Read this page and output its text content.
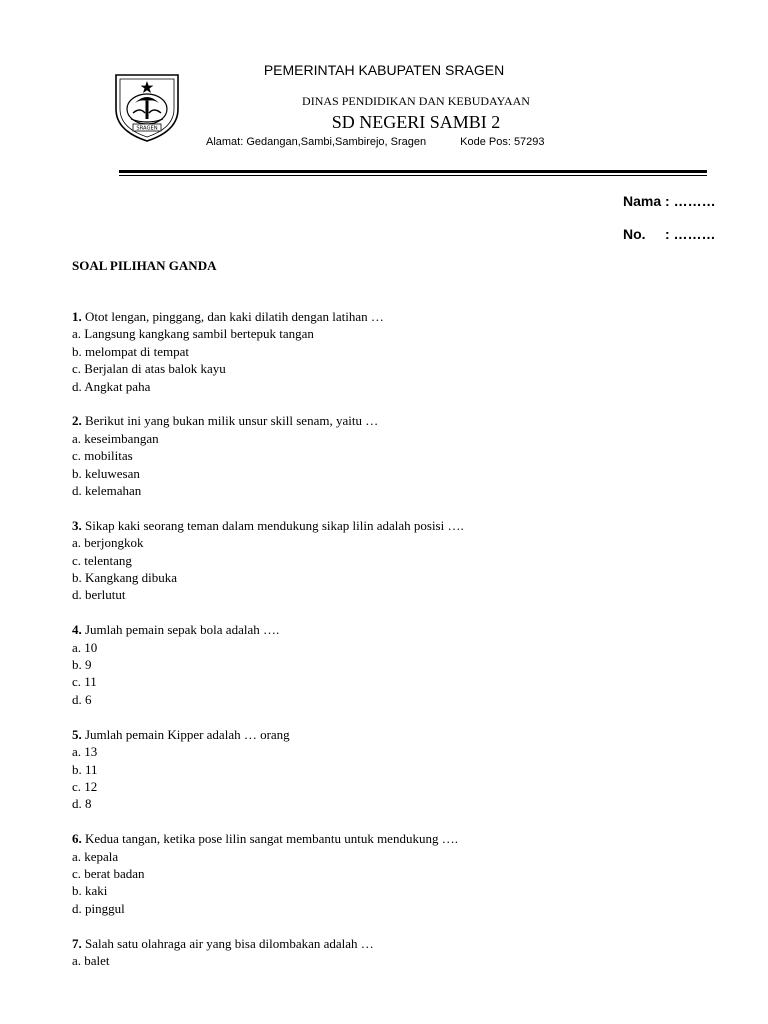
SRAGEN
PEMERINTAH KABUPATEN SRAGEN
DINAS PENDIDIKAN DAN KEBUDAYAAN
SD NEGERI SAMBI 2
Alamat: Gedangan,Sambi,Sambirejo, Sragen	Kode Pos: 57293
Nama : ………
No.     : ………
SOAL PILIHAN GANDA
1. Otot lengan, pinggang, dan kaki dilatih dengan latihan …
a. Langsung kangkang sambil bertepuk tangan
b. melompat di tempat
c. Berjalan di atas balok kayu
d. Angkat paha
2. Berikut ini yang bukan milik unsur skill senam, yaitu …
a. keseimbangan
c. mobilitas
b. keluwesan
d. kelemahan
3. Sikap kaki seorang teman dalam mendukung sikap lilin adalah posisi ….
a. berjongkok
c. telentang
b. Kangkang dibuka
d. berlutut
4. Jumlah pemain sepak bola adalah ….
a. 10
b. 9
c. 11
d. 6
5. Jumlah pemain Kipper adalah … orang
a. 13
b. 11
c. 12
d. 8
6. Kedua tangan, ketika pose lilin sangat membantu untuk mendukung ….
a. kepala
c. berat badan
b. kaki
d. pinggul
7. Salah satu olahraga air yang bisa dilombakan adalah …
a. balet
